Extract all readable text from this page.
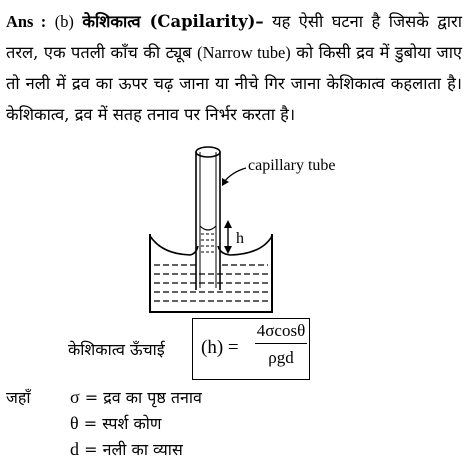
Ans : (b) केशिकात्व (Capilarity)– यह ऐसी घटना है जिसके द्वारा तरल, एक पतली काँच की ट्यूब (Narrow tube) को किसी द्रव में डुबोया जाए तो नली में द्रव का ऊपर चढ़ जाना या नीचे गिर जाना केशिकात्व कहलाता है। केशिकात्व, द्रव में सतह तनाव पर निर्भर करता है।
h
capillary tube
केशिकात्व ऊँचाई (h) =
4σcosθ
ρgd
जहाँ σ = द्रव का पृष्ठ तनाव
θ = स्पर्श कोण
d = नली का व्यास
